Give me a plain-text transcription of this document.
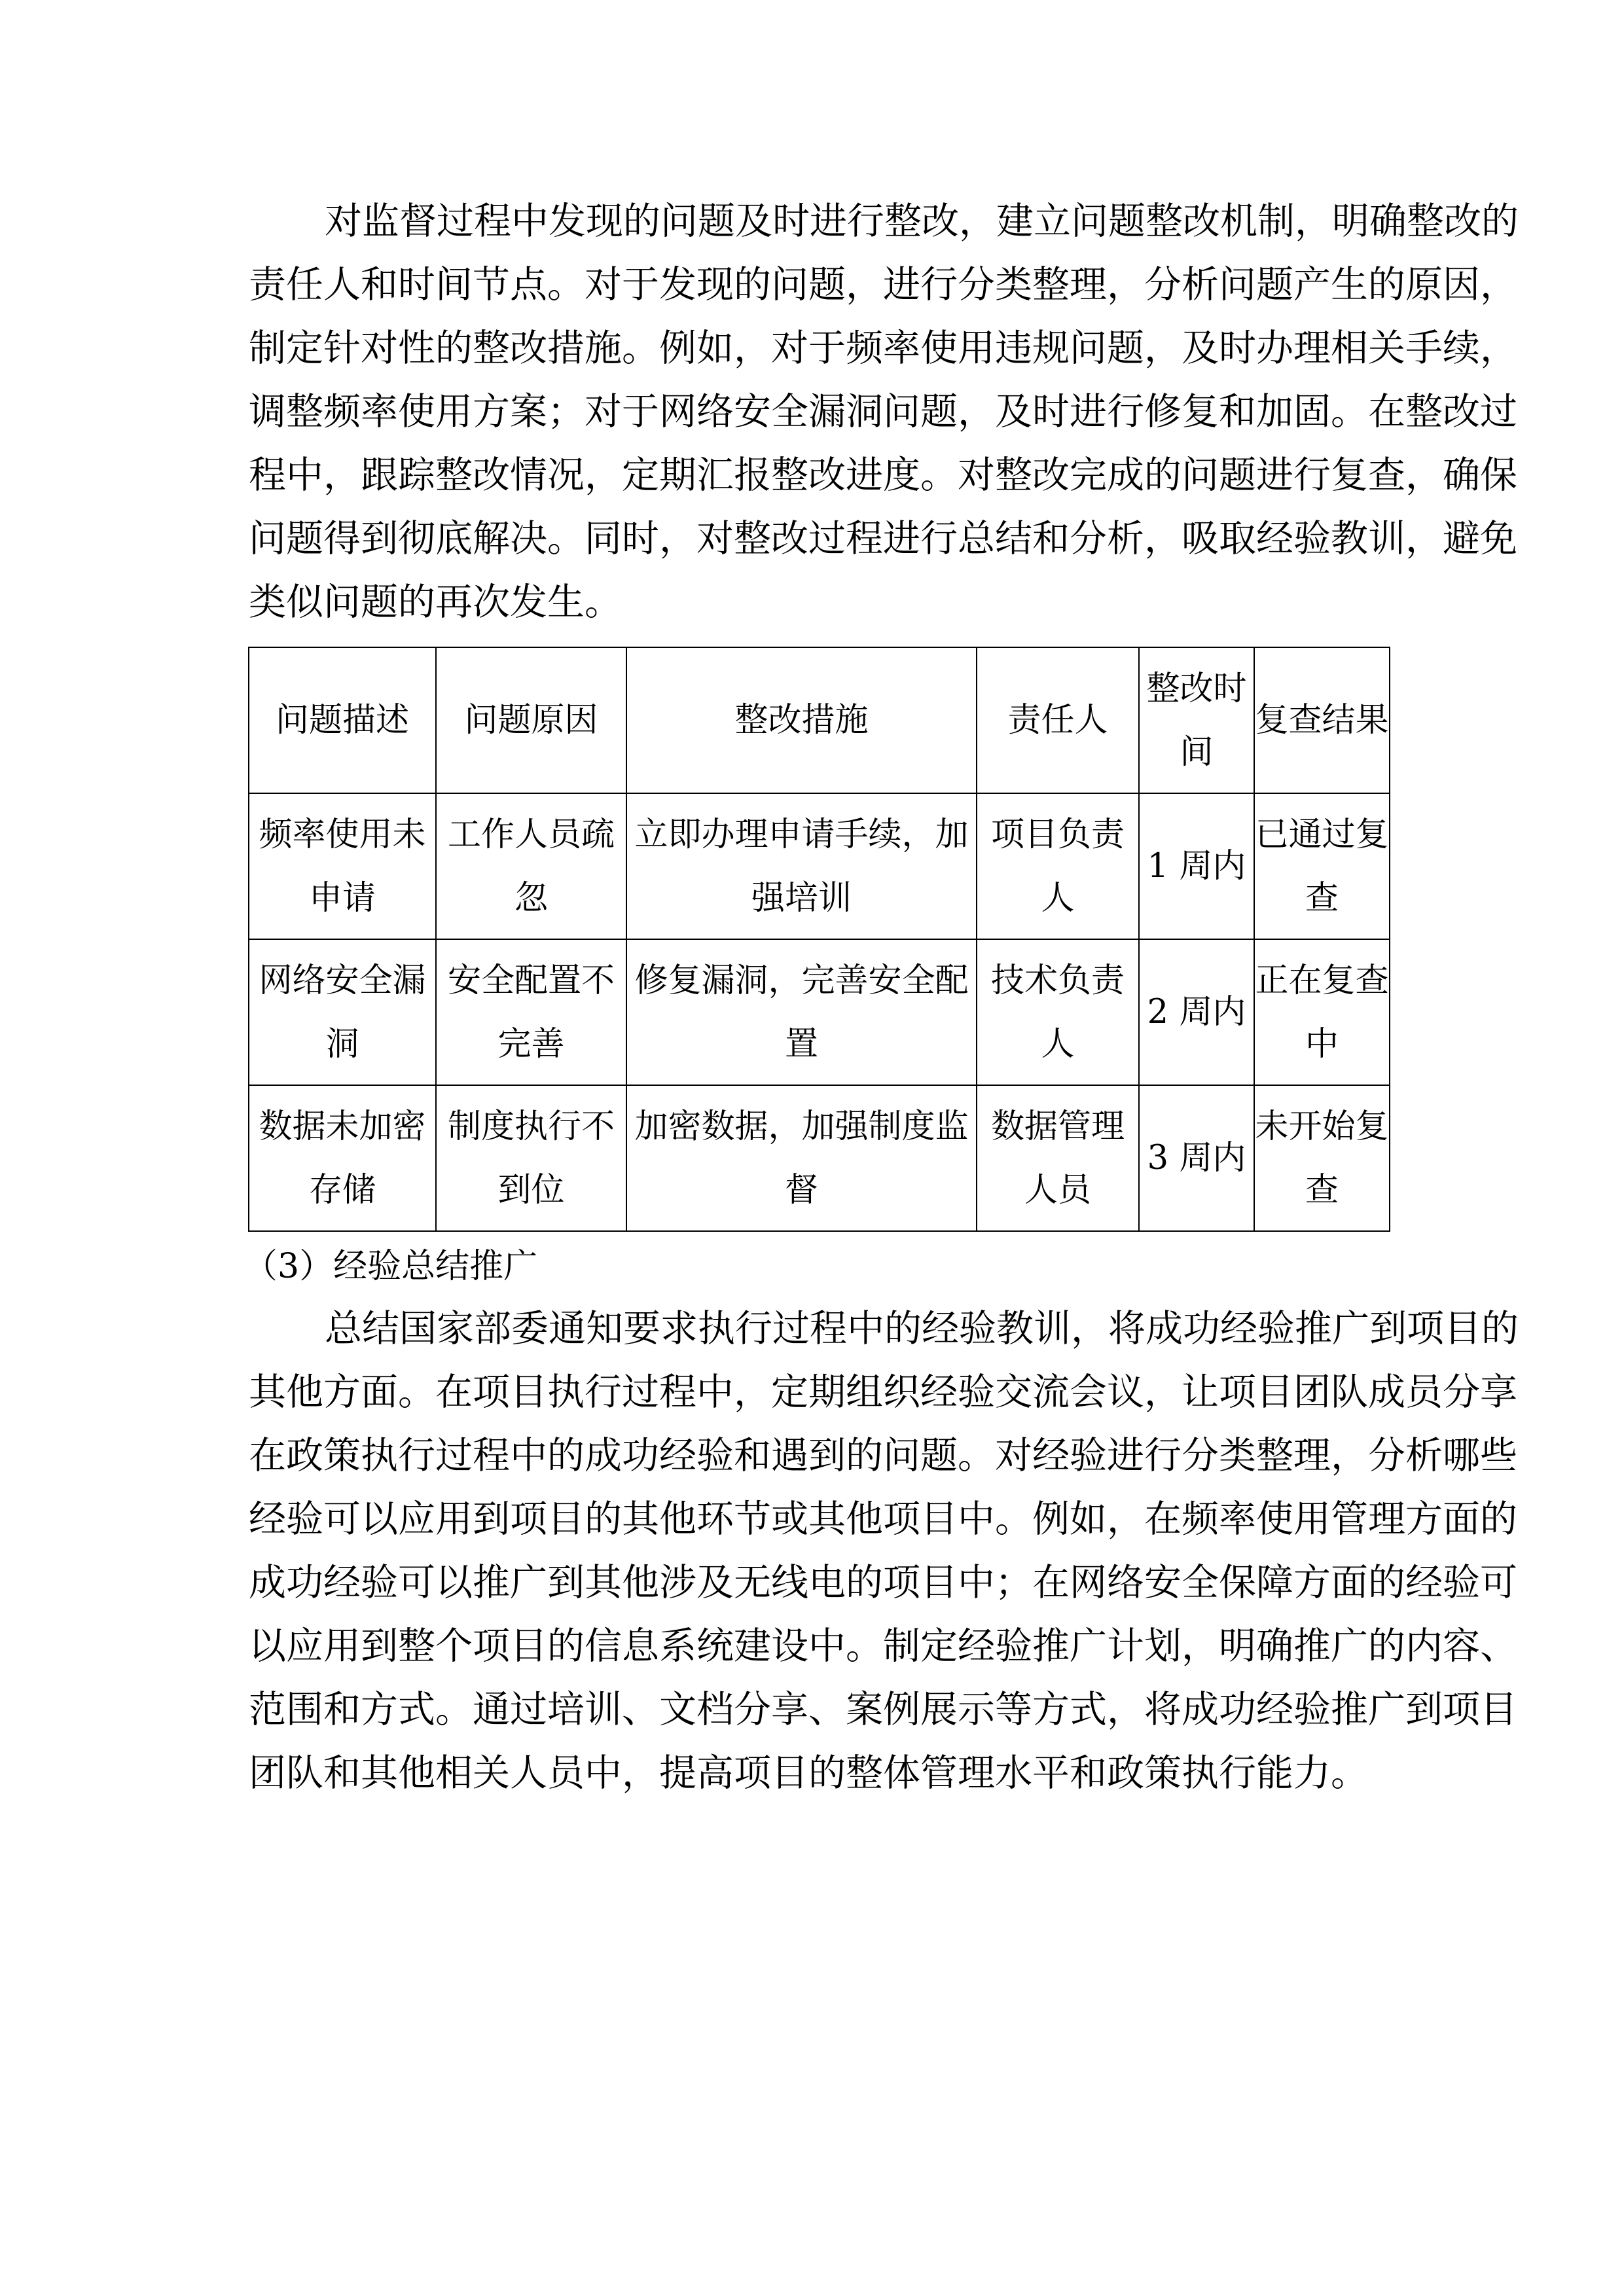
对监督过程中发现的问题及时进行整改，建立问题整改机制，明确整改的
责任人和时间节点。对于发现的问题，进行分类整理，分析问题产生的原因，
制定针对性的整改措施。例如，对于频率使用违规问题，及时办理相关手续，
调整频率使用方案；对于网络安全漏洞问题，及时进行修复和加固。在整改过
程中，跟踪整改情况，定期汇报整改进度。对整改完成的问题进行复查，确保
问题得到彻底解决。同时，对整改过程进行总结和分析，吸取经验教训，避免
类似问题的再次发生。
问题描述	问题原因	整改措施	责任人	整改时间	复查结果
频率使用未申请	工作人员疏忽	立即办理申请手续，加强培训	项目负责人	1 周内	已通过复查
网络安全漏洞	安全配置不完善	修复漏洞，完善安全配置	技术负责人	2 周内	正在复查中
数据未加密存储	制度执行不到位	加密数据，加强制度监督	数据管理人员	3 周内	未开始复查
（3）经验总结推广
总结国家部委通知要求执行过程中的经验教训，将成功经验推广到项目的
其他方面。在项目执行过程中，定期组织经验交流会议，让项目团队成员分享
在政策执行过程中的成功经验和遇到的问题。对经验进行分类整理，分析哪些
经验可以应用到项目的其他环节或其他项目中。例如，在频率使用管理方面的
成功经验可以推广到其他涉及无线电的项目中；在网络安全保障方面的经验可
以应用到整个项目的信息系统建设中。制定经验推广计划，明确推广的内容、
范围和方式。通过培训、文档分享、案例展示等方式，将成功经验推广到项目
团队和其他相关人员中，提高项目的整体管理水平和政策执行能力。
